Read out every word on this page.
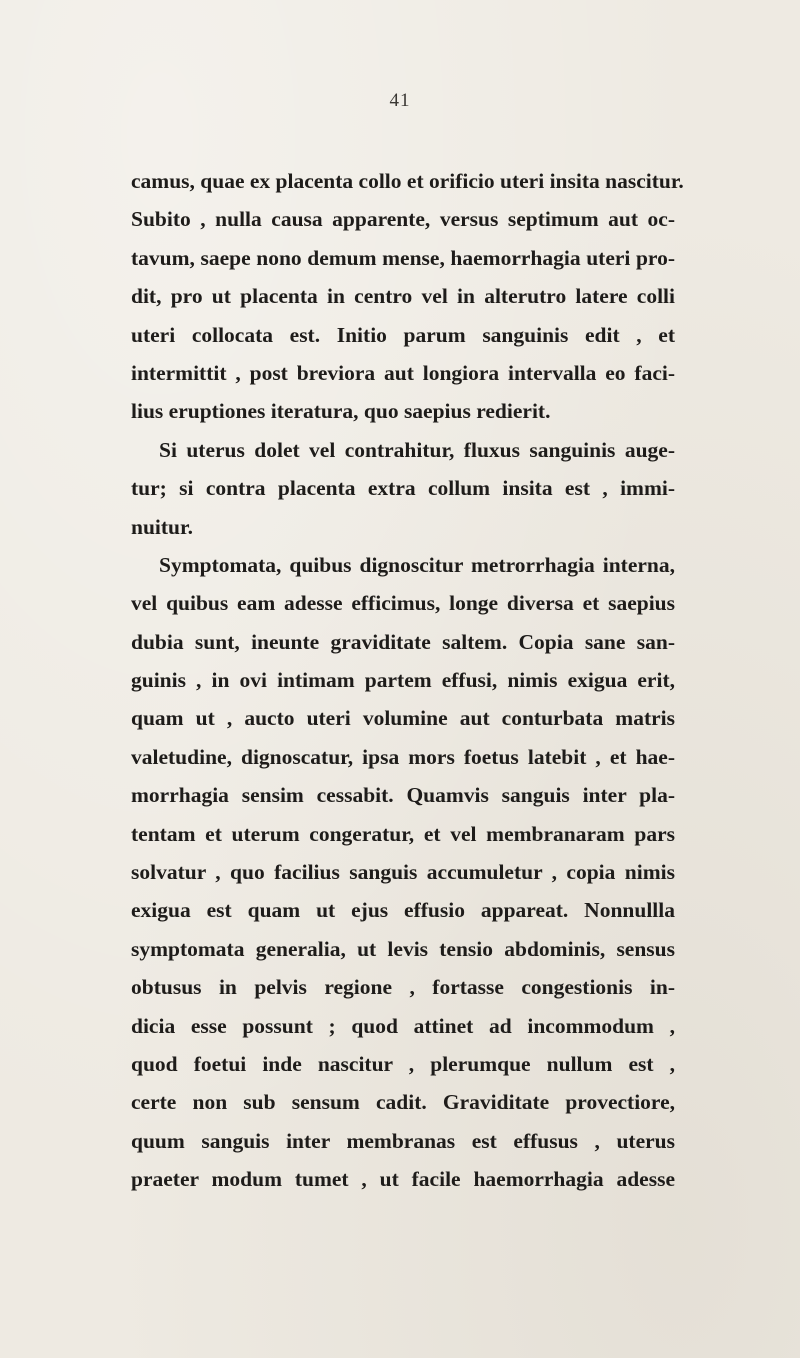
41
camus, quae ex placenta collo et orificio uteri insita nascitur.
Subito , nulla causa apparente, versus septimum aut oc-
tavum, saepe nono demum mense, haemorrhagia uteri pro-
dit, pro ut placenta in centro vel in alterutro latere colli
uteri collocata est. Initio parum sanguinis edit , et
intermittit , post breviora aut longiora intervalla eo faci-
lius eruptiones iteratura, quo saepius redierit.
Si uterus dolet vel contrahitur, fluxus sanguinis auge-
tur; si contra placenta extra collum insita est , immi-
nuitur.
Symptomata, quibus dignoscitur metrorrhagia interna,
vel quibus eam adesse efficimus, longe diversa et saepius
dubia sunt, ineunte graviditate saltem. Copia sane san-
guinis , in ovi intimam partem effusi, nimis exigua erit,
quam ut , aucto uteri volumine aut conturbata matris
valetudine, dignoscatur, ipsa mors foetus latebit , et hae-
morrhagia sensim cessabit. Quamvis sanguis inter pla-
tentam et uterum congeratur, et vel membranaram pars
solvatur , quo facilius sanguis accumuletur , copia nimis
exigua est quam ut ejus effusio appareat. Nonnullla
symptomata generalia, ut levis tensio abdominis, sensus
obtusus in pelvis regione , fortasse congestionis in-
dicia esse possunt ; quod attinet ad incommodum ,
quod foetui inde nascitur , plerumque nullum est ,
certe non sub sensum cadit. Graviditate provectiore,
quum sanguis inter membranas est effusus , uterus
praeter modum tumet , ut facile haemorrhagia adesse
